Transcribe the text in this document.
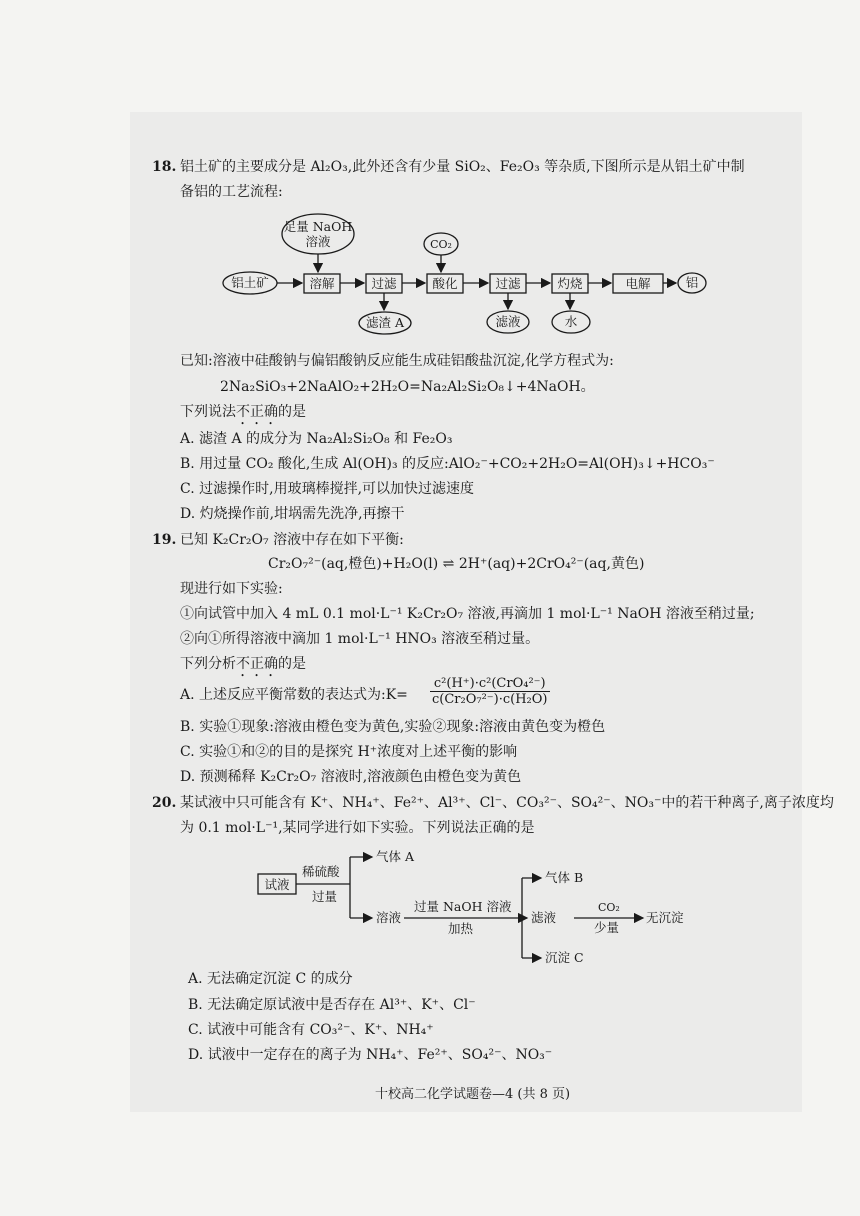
18. 铝土矿的主要成分是 Al₂O₃,此外还含有少量 SiO₂、Fe₂O₃ 等杂质,下图所示是从铝土矿中制
备铝的工艺流程:
足量 NaOH
溶液	CO₂
铝土矿	溶解	过滤	酸化	过滤	灼烧	电解	铝
滤渣 A	滤液	水
已知:溶液中硅酸钠与偏铝酸钠反应能生成硅铝酸盐沉淀,化学方程式为:
2Na₂SiO₃+2NaAlO₂+2H₂O=Na₂Al₂Si₂O₈↓+4NaOH。
下列说法不正确的是
A. 滤渣 A 的成分为 Na₂Al₂Si₂O₈ 和 Fe₂O₃
B. 用过量 CO₂ 酸化,生成 Al(OH)₃ 的反应:AlO₂⁻+CO₂+2H₂O=Al(OH)₃↓+HCO₃⁻
C. 过滤操作时,用玻璃棒搅拌,可以加快过滤速度
D. 灼烧操作前,坩埚需先洗净,再擦干
19. 已知 K₂Cr₂O₇ 溶液中存在如下平衡:
Cr₂O₇²⁻(aq,橙色)+H₂O(l) ⇌ 2H⁺(aq)+2CrO₄²⁻(aq,黄色)
现进行如下实验:
①向试管中加入 4 mL 0.1 mol·L⁻¹ K₂Cr₂O₇ 溶液,再滴加 1 mol·L⁻¹ NaOH 溶液至稍过量;
②向①所得溶液中滴加 1 mol·L⁻¹ HNO₃ 溶液至稍过量。
下列分析不正确的是
A. 上述反应平衡常数的表达式为:K=
c²(H⁺)·c²(CrO₄²⁻)
c(Cr₂O₇²⁻)·c(H₂O)
B. 实验①现象:溶液由橙色变为黄色,实验②现象:溶液由黄色变为橙色
C. 实验①和②的目的是探究 H⁺浓度对上述平衡的影响
D. 预测稀释 K₂Cr₂O₇ 溶液时,溶液颜色由橙色变为黄色
20. 某试液中只可能含有 K⁺、NH₄⁺、Fe²⁺、Al³⁺、Cl⁻、CO₃²⁻、SO₄²⁻、NO₃⁻中的若干种离子,离子浓度均
为 0.1 mol·L⁻¹,某同学进行如下实验。下列说法正确的是
试液
稀硫酸
过量
气体 A
溶液
过量 NaOH 溶液
加热
气体 B
滤液
沉淀 C
CO₂
少量
无沉淀
A. 无法确定沉淀 C 的成分
B. 无法确定原试液中是否存在 Al³⁺、K⁺、Cl⁻
C. 试液中可能含有 CO₃²⁻、K⁺、NH₄⁺
D. 试液中一定存在的离子为 NH₄⁺、Fe²⁺、SO₄²⁻、NO₃⁻
十校高二化学试题卷—4 (共 8 页)
